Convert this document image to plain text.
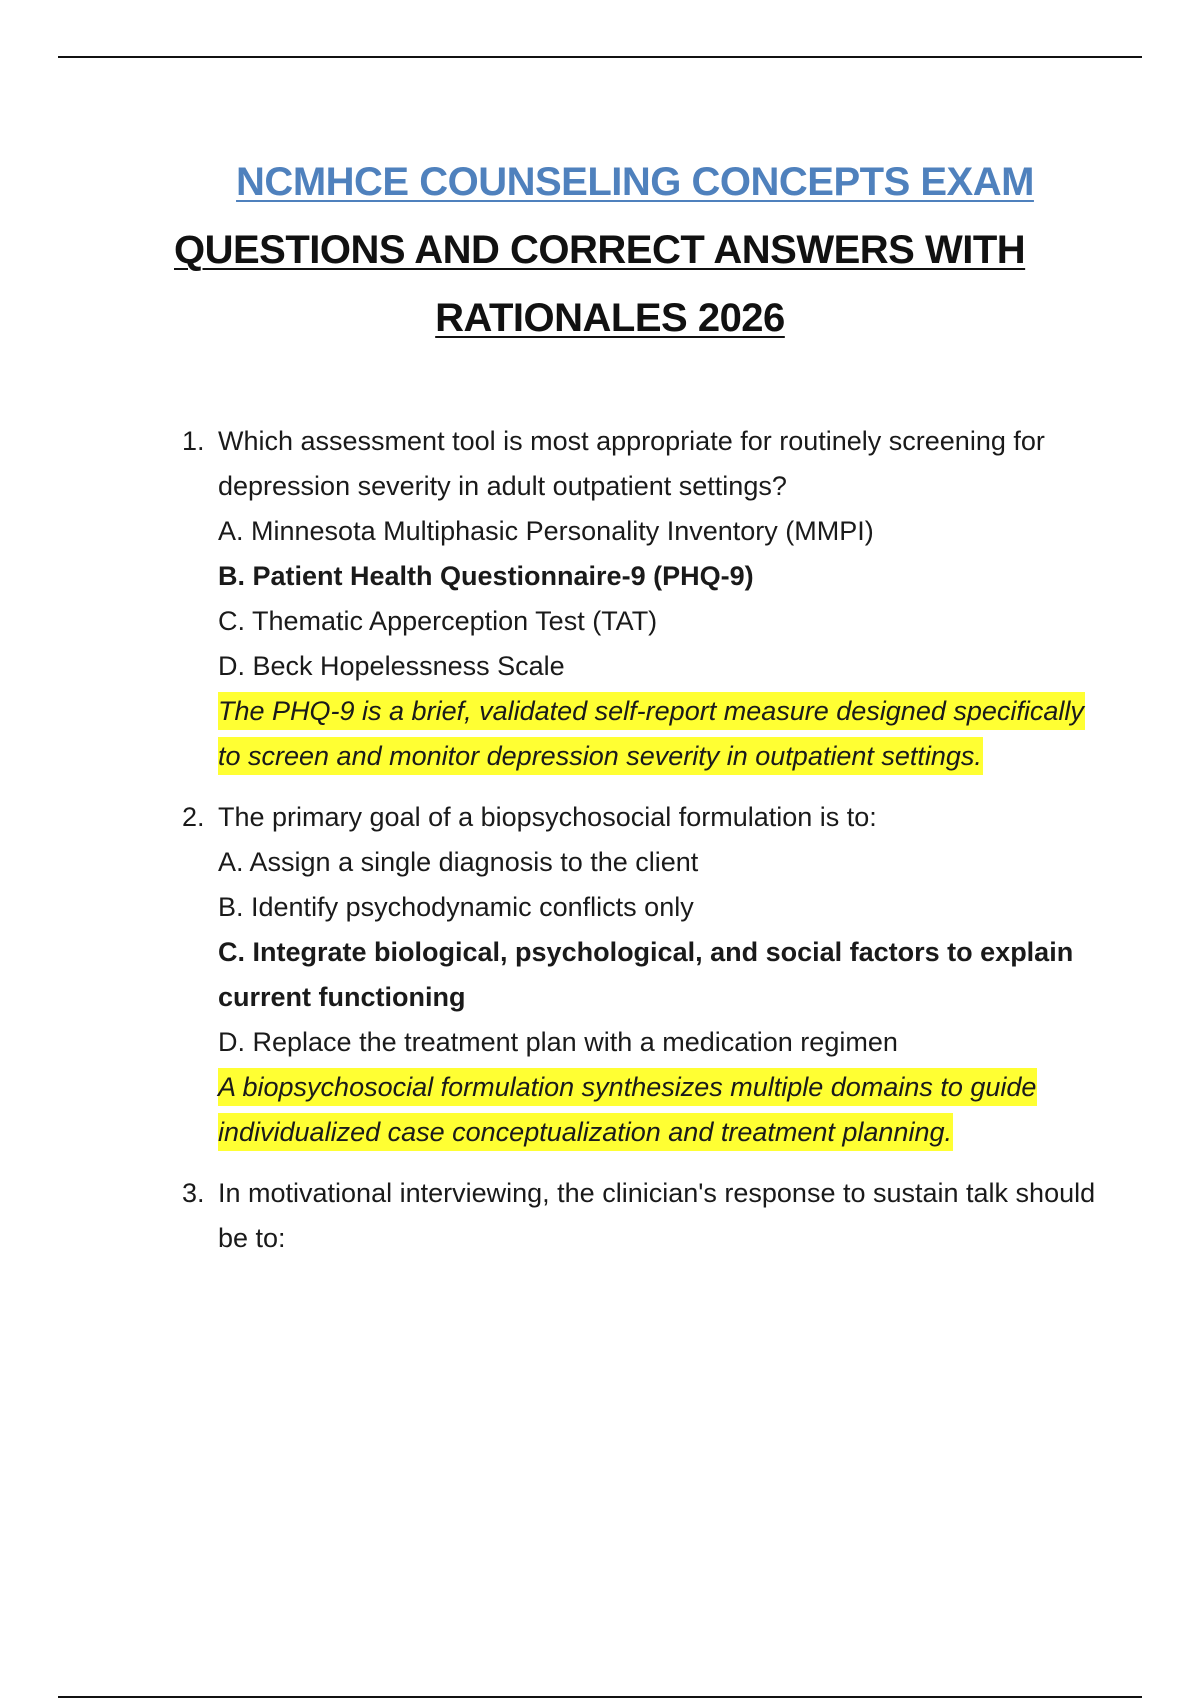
NCMHCE COUNSELING CONCEPTS EXAM
QUESTIONS AND CORRECT ANSWERS WITH
RATIONALES 2026
1. Which assessment tool is most appropriate for routinely screening for depression severity in adult outpatient settings?
A. Minnesota Multiphasic Personality Inventory (MMPI)
B. Patient Health Questionnaire-9 (PHQ-9)
C. Thematic Apperception Test (TAT)
D. Beck Hopelessness Scale
The PHQ-9 is a brief, validated self-report measure designed specifically to screen and monitor depression severity in outpatient settings.
2. The primary goal of a biopsychosocial formulation is to:
A. Assign a single diagnosis to the client
B. Identify psychodynamic conflicts only
C. Integrate biological, psychological, and social factors to explain current functioning
D. Replace the treatment plan with a medication regimen
A biopsychosocial formulation synthesizes multiple domains to guide individualized case conceptualization and treatment planning.
3. In motivational interviewing, the clinician's response to sustain talk should be to:
